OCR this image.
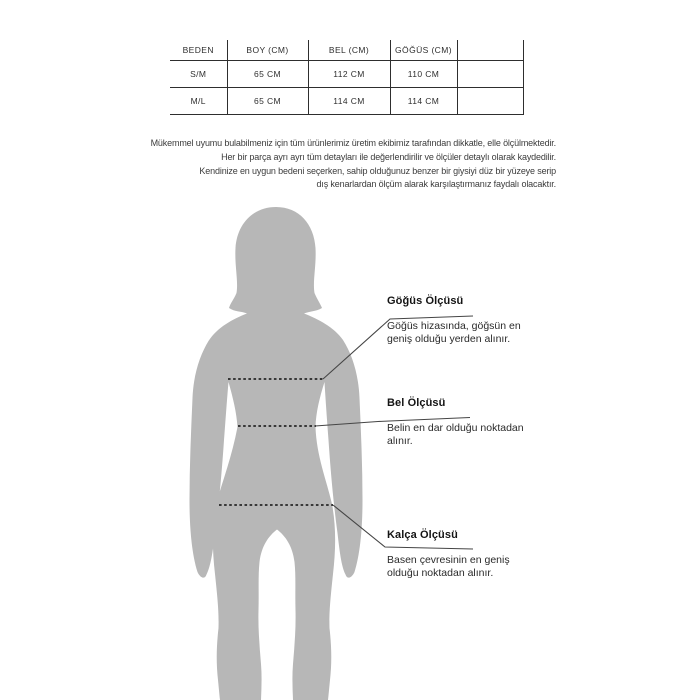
BEDEN	BOY (CM)	BEL (CM)	GÖĞÜS (CM)	
S/M	65 CM	112 CM	110 CM	
M/L	65 CM	114 CM	114 CM	
Mükemmel uyumu bulabilmeniz için tüm ürünlerimiz üretim ekibimiz tarafından dikkatle, elle ölçülmektedir.
Her bir parça ayrı ayrı tüm detayları ile değerlendirilir ve ölçüler detaylı olarak kaydedilir.
Kendinize en uygun bedeni seçerken, sahip olduğunuz benzer bir giysiyi düz bir yüzeye serip
dış kenarlardan ölçüm alarak karşılaştırmanız faydalı olacaktır.
Göğüs Ölçüsü
Göğüs hizasında, göğsün en geniş olduğu yerden alınır.
Bel Ölçüsü
Belin en dar olduğu noktadan alınır.
Kalça Ölçüsü
Basen çevresinin en geniş olduğu noktadan alınır.
